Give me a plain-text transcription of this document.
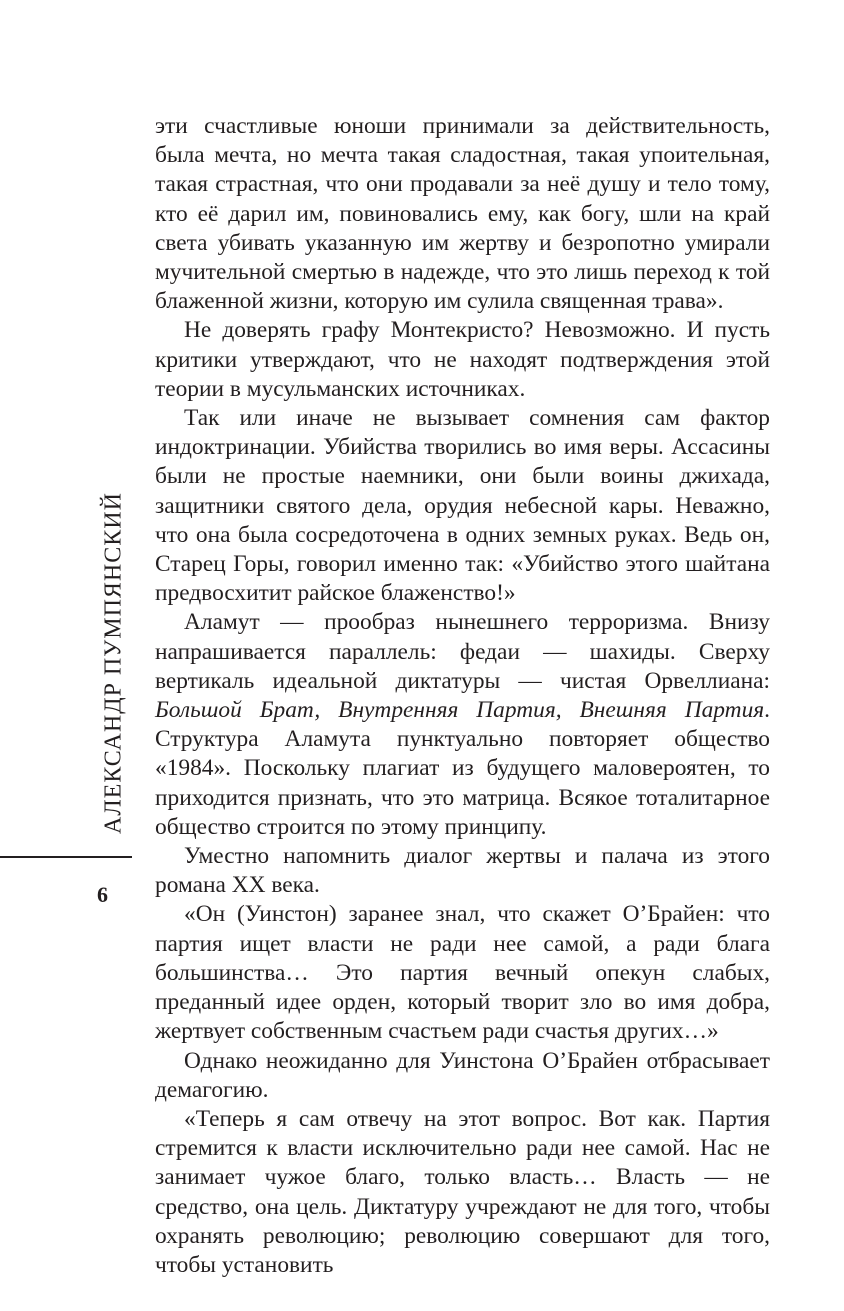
АЛЕКСАНДР ПУМПЯНСКИЙ
6

эти счастливые юноши принимали за действительность, была мечта, но мечта такая сладостная, такая упоительная, такая страстная, что они продавали за неё душу и тело тому, кто её дарил им, повиновались ему, как богу, шли на край света убивать указанную им жертву и безропотно умирали мучительной смертью в надежде, что это лишь переход к той блаженной жизни, которую им сулила священная трава».

Не доверять графу Монтекристо? Невозможно. И пусть критики утверждают, что не находят подтверждения этой теории в мусульманских источниках.

Так или иначе не вызывает сомнения сам фактор индоктринации. Убийства творились во имя веры. Ассасины были не простые наемники, они были воины джихада, защитники святого дела, орудия небесной кары. Неважно, что она была сосредоточена в одних земных руках. Ведь он, Старец Горы, говорил именно так: «Убийство этого шайтана предвосхитит райское блаженство!»

Аламут — прообраз нынешнего терроризма. Внизу напрашивается параллель: федаи — шахиды. Сверху вертикаль идеальной диктатуры — чистая Орвеллиана: Большой Брат, Внутренняя Партия, Внешняя Партия. Структура Аламута пунктуально повторяет общество «1984». Поскольку плагиат из будущего маловероятен, то приходится признать, что это матрица. Всякое тоталитарное общество строится по этому принципу.

Уместно напомнить диалог жертвы и палача из этого романа XX века.

«Он (Уинстон) заранее знал, что скажет О’Брайен: что партия ищет власти не ради нее самой, а ради блага большинства… Это партия вечный опекун слабых, преданный идее орден, который творит зло во имя добра, жертвует собственным счастьем ради счастья других…»

Однако неожиданно для Уинстона О’Брайен отбрасывает демагогию.

«Теперь я сам отвечу на этот вопрос. Вот как. Партия стремится к власти исключительно ради нее самой. Нас не занимает чужое благо, только власть… Власть — не средство, она цель. Диктатуру учреждают не для того, чтобы охранять революцию; революцию совершают для того, чтобы установить
